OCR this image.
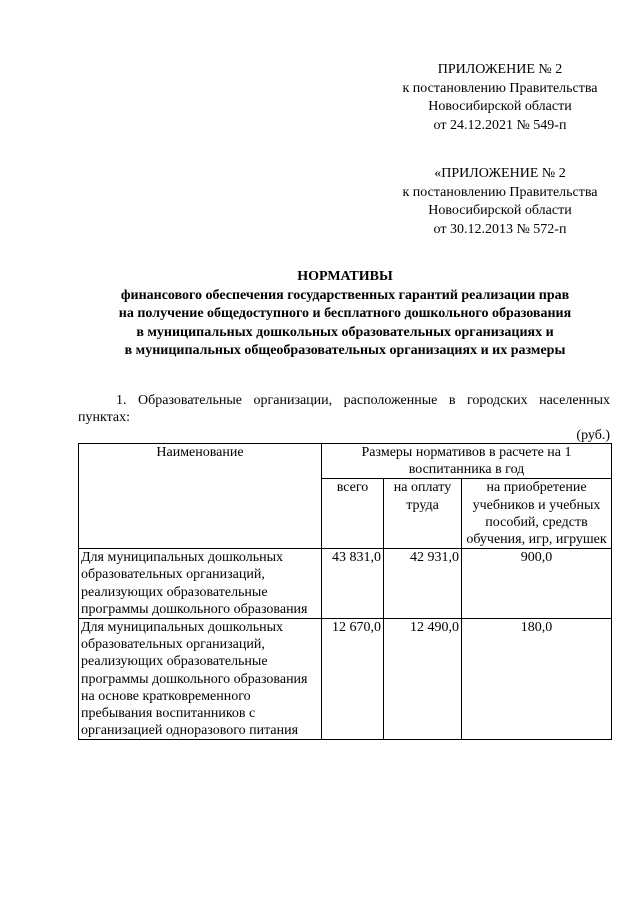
ПРИЛОЖЕНИЕ № 2
к постановлению Правительства
Новосибирской области
от 24.12.2021 № 549-п
«ПРИЛОЖЕНИЕ № 2
к постановлению Правительства
Новосибирской области
от 30.12.2013 № 572-п
НОРМАТИВЫ
финансового обеспечения государственных гарантий реализации прав
на получение общедоступного и бесплатного дошкольного образования
в муниципальных дошкольных образовательных организациях и
в муниципальных общеобразовательных организациях и их размеры
1. Образовательные организации, расположенные в городских населенных
пунктах:
(руб.)
Наименование	Размеры нормативов в расчете на 1 воспитанника в год		
	всего	на оплату труда	на приобретение учебников и учебных пособий, средств обучения, игр, игрушек
Для муниципальных дошкольных образовательных организаций, реализующих образовательные программы дошкольного образования	43 831,0	42 931,0	900,0
Для муниципальных дошкольных образовательных организаций, реализующих образовательные программы дошкольного образования на основе кратковременного пребывания воспитанников с организацией одноразового питания	12 670,0	12 490,0	180,0
